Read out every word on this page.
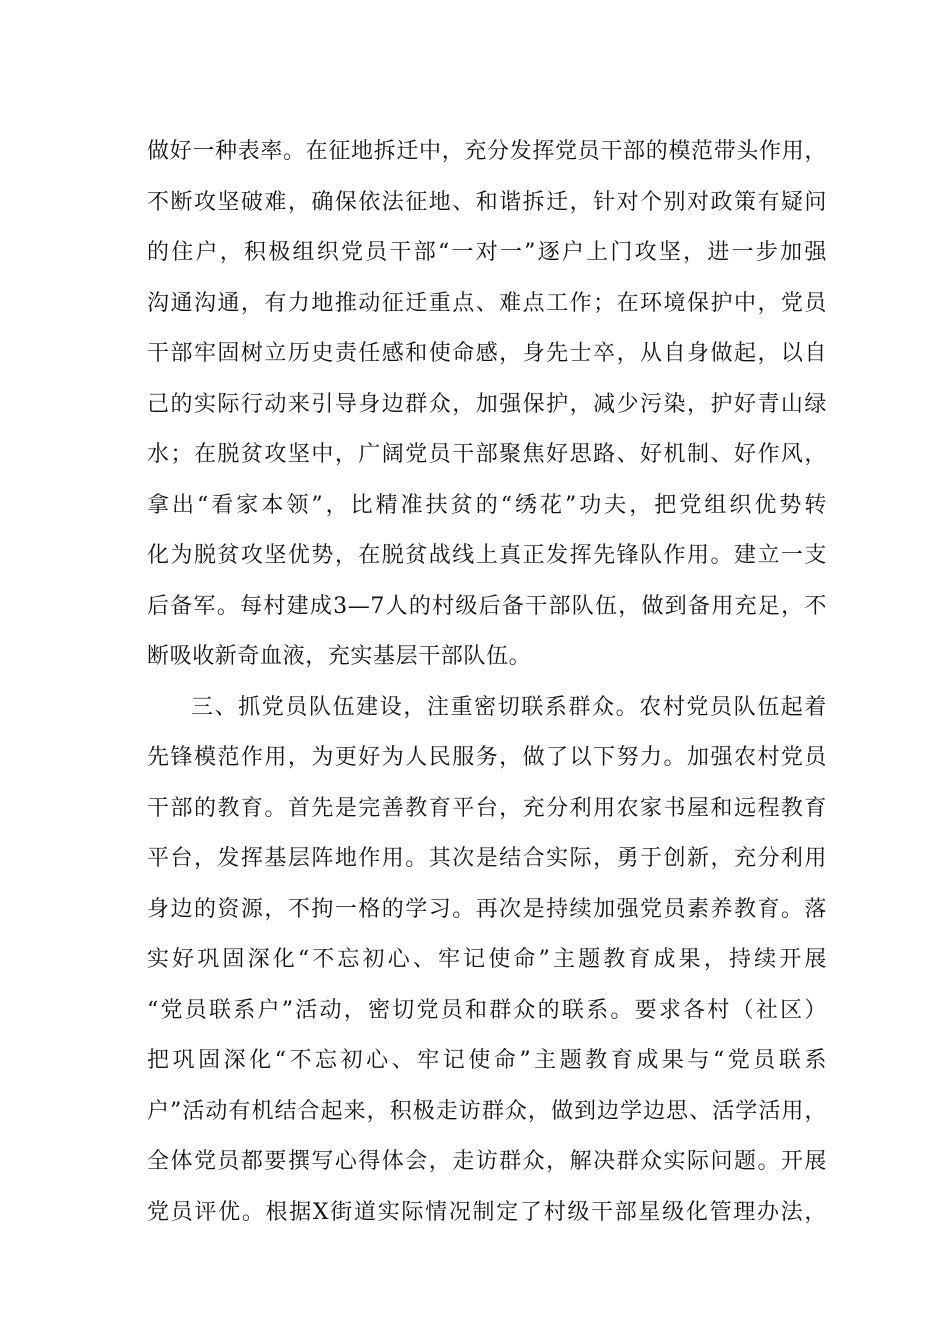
做好一种表率。在征地拆迁中，充分发挥党员干部的模范带头作用，
不断攻坚破难，确保依法征地、和谐拆迁，针对个别对政策有疑问
的住户，积极组织党员干部“一对一”逐户上门攻坚，进一步加强
沟通沟通，有力地推动征迁重点、难点工作；在环境保护中，党员
干部牢固树立历史责任感和使命感，身先士卒，从自身做起，以自
己的实际行动来引导身边群众，加强保护，减少污染，护好青山绿
水；在脱贫攻坚中，广阔党员干部聚焦好思路、好机制、好作风，
拿出“看家本领”，比精准扶贫的“绣花”功夫，把党组织优势转
化为脱贫攻坚优势，在脱贫战线上真正发挥先锋队作用。建立一支
后备军。每村建成3—7人的村级后备干部队伍，做到备用充足，不
断吸收新奇血液，充实基层干部队伍。
三、抓党员队伍建设，注重密切联系群众。农村党员队伍起着
先锋模范作用，为更好为人民服务，做了以下努力。加强农村党员
干部的教育。首先是完善教育平台，充分利用农家书屋和远程教育
平台，发挥基层阵地作用。其次是结合实际，勇于创新，充分利用
身边的资源，不拘一格的学习。再次是持续加强党员素养教育。落
实好巩固深化“不忘初心、牢记使命”主题教育成果，持续开展
“党员联系户”活动，密切党员和群众的联系。要求各村（社区）
把巩固深化“不忘初心、牢记使命”主题教育成果与“党员联系
户”活动有机结合起来，积极走访群众，做到边学边思、活学活用，
全体党员都要撰写心得体会，走访群众，解决群众实际问题。开展
党员评优。根据X街道实际情况制定了村级干部星级化管理办法，
